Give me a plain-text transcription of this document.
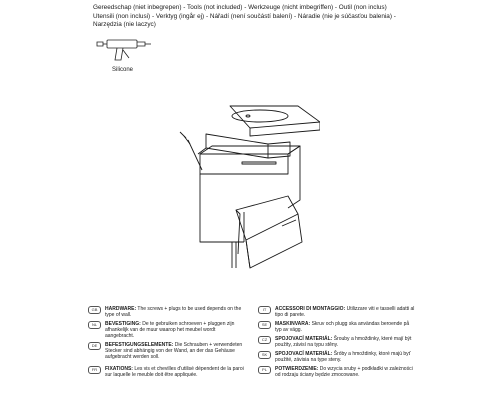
Gereedschap (niet inbegrepen) - Tools (not included) - Werkzeuge (nicht imbegriffen) - Outil (non inclus)
Utensili (non inclusi) - Verktyg (ingår ej) - Nářadí (není součástí balení) - Náradie (nie je súčasťou balenia) -
Narzędzia (nie laczyc)
Silicone
GB	HARDWARE: The screws + plugs to be used depends on the type of wall.
NL	BEVESTIGING: De te gebruiken schroeven + pluggen zijn afhankelijk van de muur waarop het meubel wordt aangebracht.
DE	BEFESTIGUNGSELEMENTE: Die Schrauben + verwendeten Stecker sind abhängig von der Wand, an der das Gehäuse aufgebracht werden soll.
FR	FIXATIONS: Les vis et chevilles d'utilisé dépendent de la paroi sur laquelle le meuble doit être appliquée.
IT	ACCESSORI DI MONTAGGIO: Utilizzare viti e tasselli adatti al tipo di parete.
SE	MASKINVARA: Skruv och plugg ska användas beroende på typ av vägg.
CZ	SPOJOVACÍ MATERIÁL: Šrouby a hmoždinky, které mají být použity, závisí na typu stěny.
SK	SPOJOVACÍ MATERIÁL: Šróby a hmoždinky, ktoré majú byť použité, závisia na type steny.
PL	POTWIERDZENIE: Do wzycia sruby + podkładki w zależności od rodzaju ściany będzie zmocowane.
